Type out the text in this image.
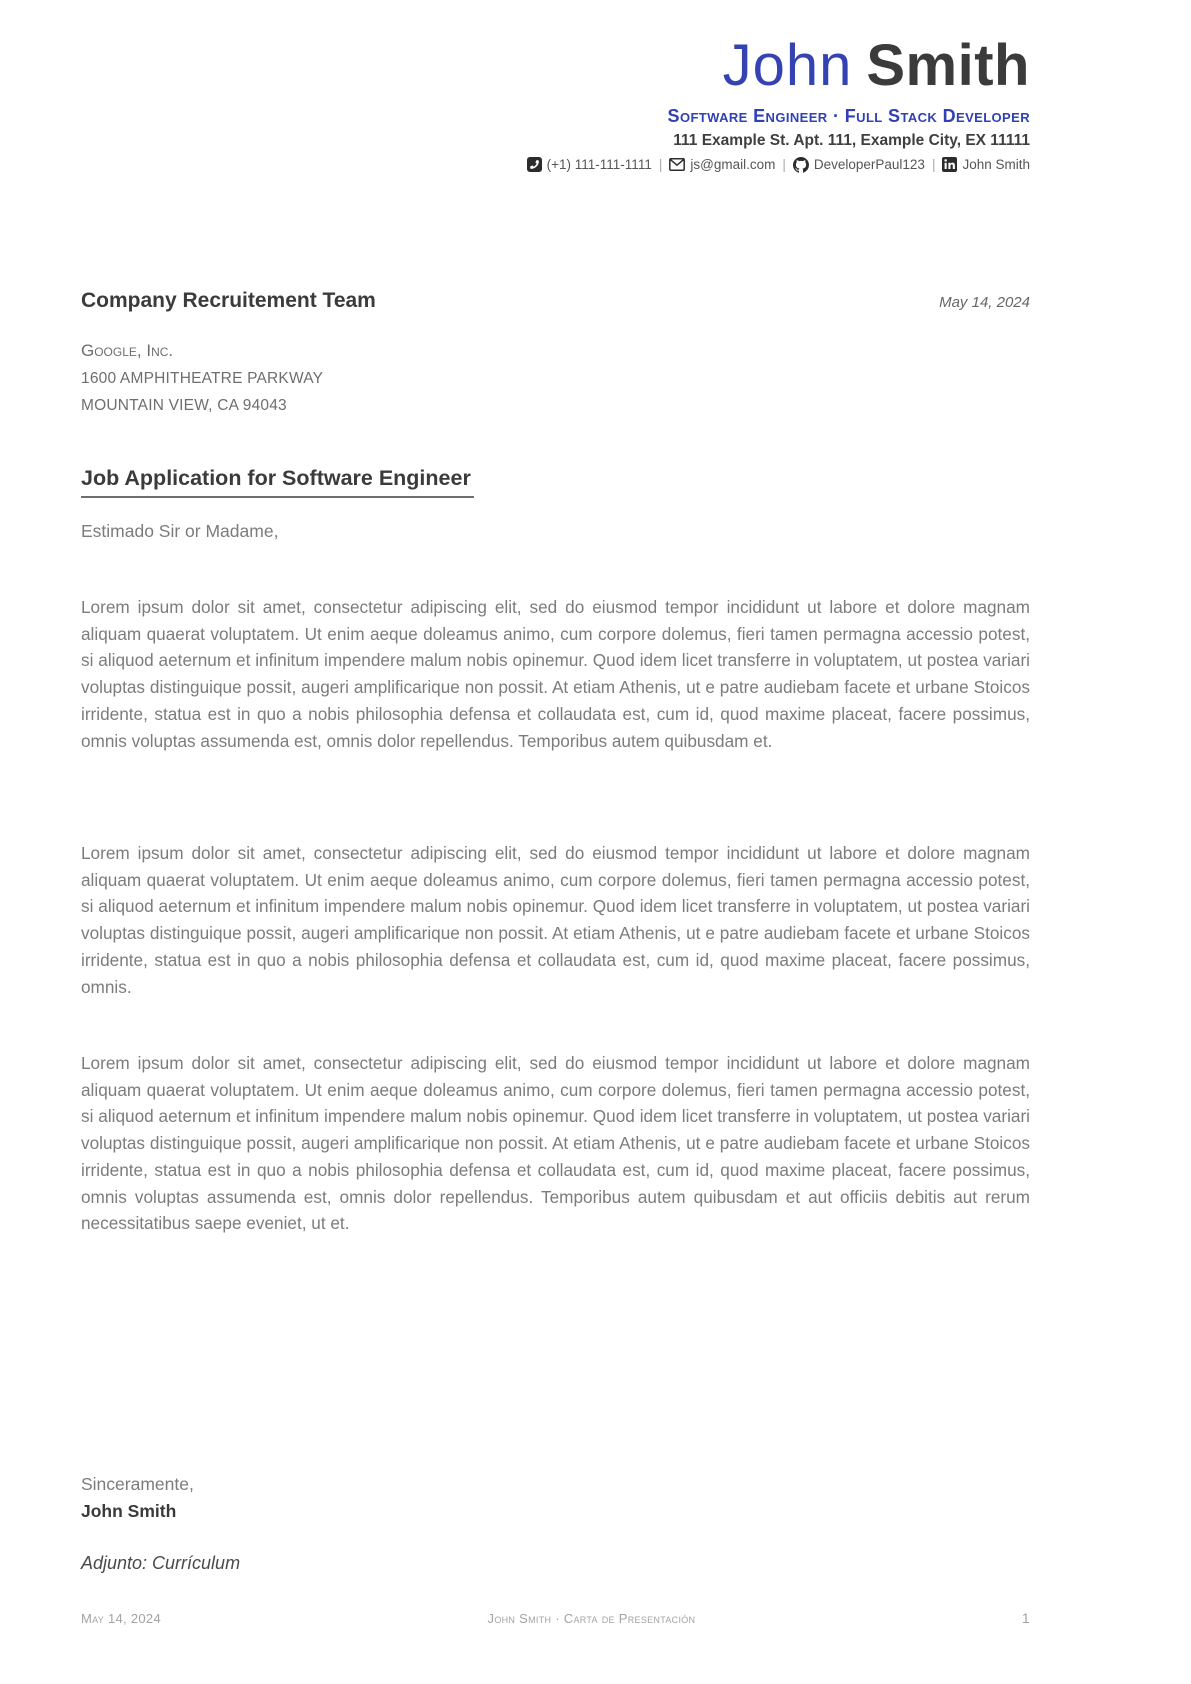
John Smith
Software Engineer · Full Stack Developer
111 Example St. Apt. 111, Example City, EX 11111
(+1) 111-111-1111 | js@gmail.com | DeveloperPaul123 | John Smith
Company Recruitement Team	May 14, 2024
Google, Inc.
1600 AMPHITHEATRE PARKWAY
MOUNTAIN VIEW, CA 94043
Job Application for Software Engineer
Estimado Sir or Madame,

Lorem ipsum dolor sit amet, consectetur adipiscing elit, sed do eiusmod tempor incididunt ut labore et dolore magnam aliquam quaerat voluptatem. Ut enim aeque doleamus animo, cum corpore dolemus, fieri tamen permagna accessio potest, si aliquod aeternum et infinitum impendere malum nobis opinemur. Quod idem licet transferre in voluptatem, ut postea variari voluptas distinguique possit, augeri amplificarique non possit. At etiam Athenis, ut e patre audiebam facete et urbane Stoicos irridente, statua est in quo a nobis philosophia defensa et collaudata est, cum id, quod maxime placeat, facere possimus, omnis voluptas assumenda est, omnis dolor repellendus. Temporibus autem quibusdam et.

Lorem ipsum dolor sit amet, consectetur adipiscing elit, sed do eiusmod tempor incididunt ut labore et dolore magnam aliquam quaerat voluptatem. Ut enim aeque doleamus animo, cum corpore dolemus, fieri tamen permagna accessio potest, si aliquod aeternum et infinitum impendere malum nobis opinemur. Quod idem licet transferre in voluptatem, ut postea variari voluptas distinguique possit, augeri amplificarique non possit. At etiam Athenis, ut e patre audiebam facete et urbane Stoicos irridente, statua est in quo a nobis philosophia defensa et collaudata est, cum id, quod maxime placeat, facere possimus, omnis.

Lorem ipsum dolor sit amet, consectetur adipiscing elit, sed do eiusmod tempor incididunt ut labore et dolore magnam aliquam quaerat voluptatem. Ut enim aeque doleamus animo, cum corpore dolemus, fieri tamen permagna accessio potest, si aliquod aeternum et infinitum impendere malum nobis opinemur. Quod idem licet transferre in voluptatem, ut postea variari voluptas distinguique possit, augeri amplificarique non possit. At etiam Athenis, ut e patre audiebam facete et urbane Stoicos irridente, statua est in quo a nobis philosophia defensa et collaudata est, cum id, quod maxime placeat, facere possimus, omnis voluptas assumenda est, omnis dolor repellendus. Temporibus autem quibusdam et aut officiis debitis aut rerum necessitatibus saepe eveniet, ut et.

Sinceramente,
John Smith
Adjunto: Currículum
May 14, 2024	John Smith · Carta de Presentación	1
